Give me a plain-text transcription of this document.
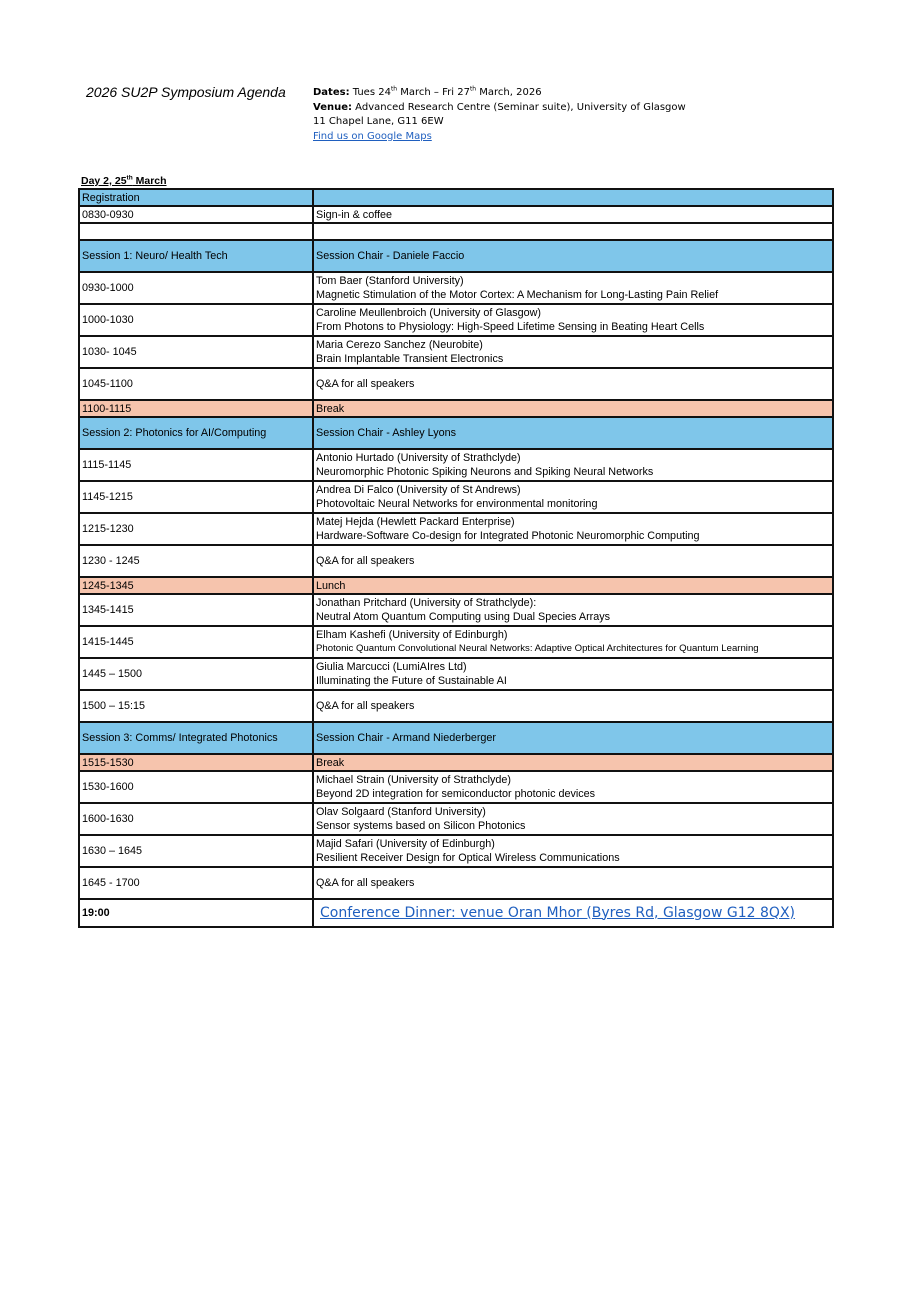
2026 SU2P Symposium Agenda	Dates: Tues 24th March – Fri 27th March, 2026
Venue: Advanced Research Centre (Seminar suite), University of Glasgow
11 Chapel Lane, G11 6EW
Find us on Google Maps
Day 2, 25th March
Registration	
0830-0930	Sign-in & coffee

Session 1: Neuro/ Health Tech	Session Chair - Daniele Faccio
0930-1000	Tom Baer (Stanford University)
Magnetic Stimulation of the Motor Cortex: A Mechanism for Long-Lasting Pain Relief

1000-1030	Caroline Meullenbroich (University of Glasgow)
From Photons to Physiology: High-Speed Lifetime Sensing in Beating Heart Cells

1030- 1045	Maria Cerezo Sanchez (Neurobite)
Brain Implantable Transient Electronics

1045-1100	Q&A for all speakers
1100-1115	Break
Session 2: Photonics for AI/Computing	Session Chair - Ashley Lyons
1115-1145	Antonio Hurtado (University of Strathclyde)
Neuromorphic Photonic Spiking Neurons and Spiking Neural Networks

1145-1215	Andrea Di Falco (University of St Andrews)
Photovoltaic Neural Networks for environmental monitoring

1215-1230	Matej Hejda (Hewlett Packard Enterprise)
Hardware-Software Co-design for Integrated Photonic Neuromorphic Computing

1230 - 1245	Q&A for all speakers
1245-1345	Lunch
1345-1415	Jonathan Pritchard (University of Strathclyde):
Neutral Atom Quantum Computing using Dual Species Arrays

1415-1445	Elham Kashefi (University of Edinburgh)
Photonic Quantum Convolutional Neural Networks: Adaptive Optical Architectures for Quantum Learning

1445 – 1500	Giulia Marcucci (LumiAIres Ltd)
Illuminating the Future of Sustainable AI

1500 – 15:15	Q&A for all speakers
Session 3: Comms/ Integrated Photonics	Session Chair - Armand Niederberger
1515-1530	Break
1530-1600	Michael Strain (University of Strathclyde)
Beyond 2D integration for semiconductor photonic devices

1600-1630	Olav Solgaard (Stanford University)
Sensor systems based on Silicon Photonics

1630 – 1645	Majid Safari (University of Edinburgh)
Resilient Receiver Design for Optical Wireless Communications

1645 - 1700	Q&A for all speakers
19:00	Conference Dinner: venue Oran Mhor (Byres Rd, Glasgow G12 8QX)
